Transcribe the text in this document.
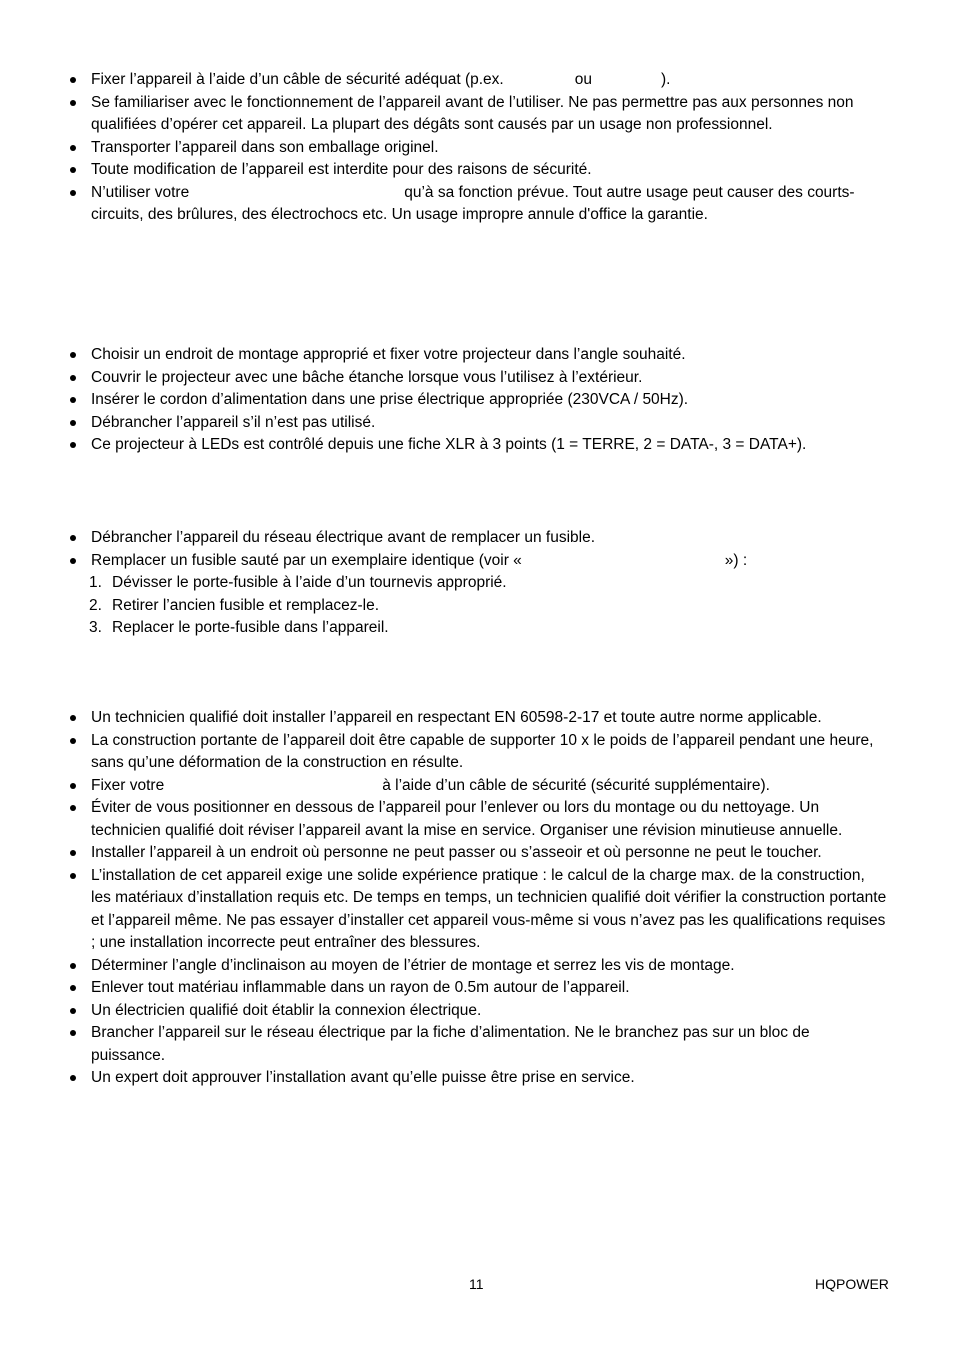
Fixer l’appareil à l’aide d’un câble de sécurité adéquat (p.ex.	ou	).
Se familiariser avec le fonctionnement de l’appareil avant de l’utiliser. Ne pas permettre pas aux personnes non qualifiées d’opérer cet appareil. La plupart des dégâts sont causés par un usage non professionnel.
Transporter l’appareil dans son emballage originel.
Toute modification de l’appareil est interdite pour des raisons de sécurité.
N’utiliser votre	qu’à sa fonction prévue. Tout autre usage peut causer des courts-circuits, des brûlures, des électrochocs etc. Un usage impropre annule d'office la garantie.
Choisir un endroit de montage approprié et fixer votre projecteur dans l’angle souhaité.
Couvrir le projecteur avec une bâche étanche lorsque vous l’utilisez à l’extérieur.
Insérer le cordon d’alimentation dans une prise électrique appropriée (230VCA / 50Hz).
Débrancher l’appareil s’il n’est pas utilisé.
Ce projecteur à LEDs est contrôlé depuis une fiche XLR à 3 points (1 = TERRE, 2 = DATA-, 3 = DATA+).
Débrancher l’appareil du réseau électrique avant de remplacer un fusible.
Remplacer un fusible sauté par un exemplaire identique (voir «	») :
1. Dévisser le porte-fusible à l’aide d’un tournevis approprié.
2. Retirer l’ancien fusible et remplacez-le.
3. Replacer le porte-fusible dans l’appareil.
Un technicien qualifié doit installer l’appareil en respectant EN 60598-2-17 et toute autre norme applicable.
La construction portante de l’appareil doit être capable de supporter 10 x le poids de l’appareil pendant une heure, sans qu’une déformation de la construction en résulte.
Fixer votre	à l’aide d’un câble de sécurité (sécurité supplémentaire).
Éviter de vous positionner en dessous de l’appareil pour l’enlever ou lors du montage ou du nettoyage. Un technicien qualifié doit réviser l’appareil avant la mise en service. Organiser une révision minutieuse annuelle.
Installer l’appareil à un endroit où personne ne peut passer ou s’asseoir et où personne ne peut le toucher.
L’installation de cet appareil exige une solide expérience pratique : le calcul de la charge max. de la construction, les matériaux d’installation requis etc. De temps en temps, un technicien qualifié doit vérifier la construction portante et l’appareil même. Ne pas essayer d’installer cet appareil vous-même si vous n’avez pas les qualifications requises ; une installation incorrecte peut entraîner des blessures.
Déterminer l’angle d’inclinaison au moyen de l’étrier de montage et serrez les vis de montage.
Enlever tout matériau inflammable dans un rayon de 0.5m autour de l’appareil.
Un électricien qualifié doit établir la connexion électrique.
Brancher l’appareil sur le réseau électrique par la fiche d’alimentation. Ne le branchez pas sur un bloc de puissance.
Un expert doit approuver l’installation avant qu’elle puisse être prise en service.
11	HQPOWER
